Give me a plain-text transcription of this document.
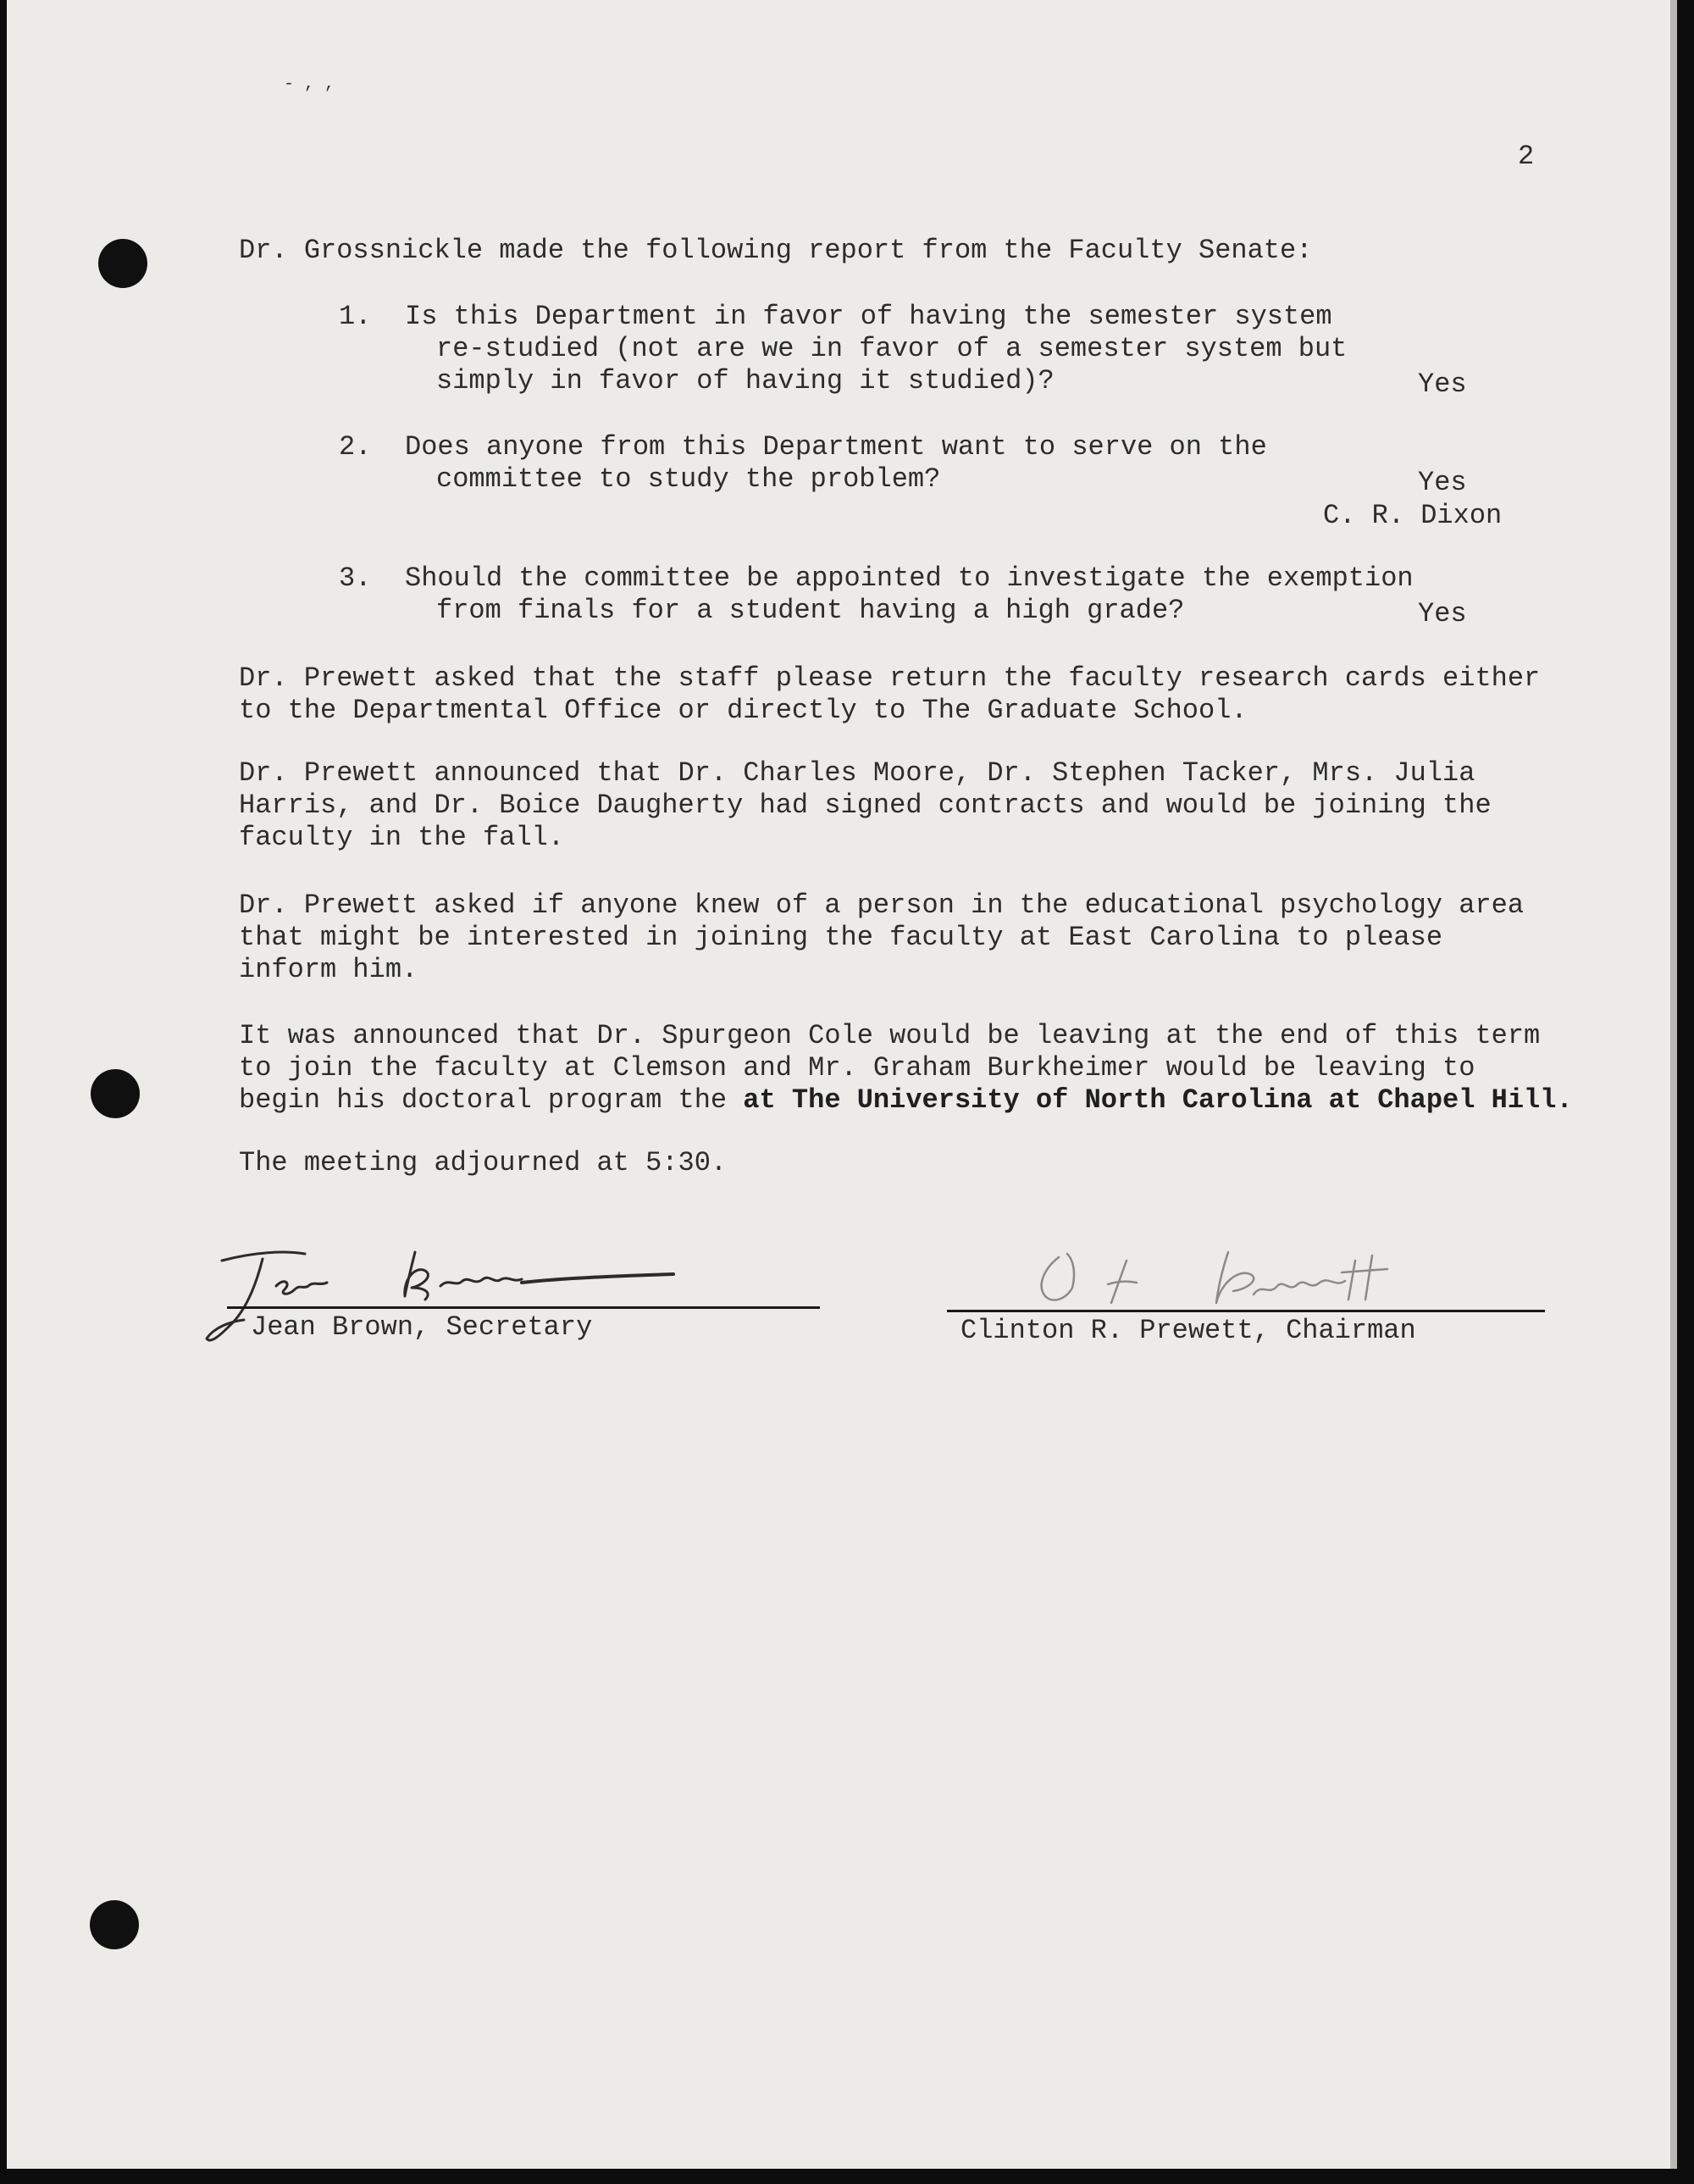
- , ,
2
Dr. Grossnickle made the following report from the Faculty Senate:
1. Is this Department in favor of having the semester system
re-studied (not are we in favor of a semester system but
simply in favor of having it studied)?	Yes
2. Does anyone from this Department want to serve on the
committee to study the problem?	Yes
C. R. Dixon
3. Should the committee be appointed to investigate the exemption
from finals for a student having a high grade?	Yes
Dr. Prewett asked that the staff please return the faculty research cards either
to the Departmental Office or directly to The Graduate School.
Dr. Prewett announced that Dr. Charles Moore, Dr. Stephen Tacker, Mrs. Julia
Harris, and Dr. Boice Daugherty had signed contracts and would be joining the
faculty in the fall.
Dr. Prewett asked if anyone knew of a person in the educational psychology area
that might be interested in joining the faculty at East Carolina to please
inform him.
It was announced that Dr. Spurgeon Cole would be leaving at the end of this term
to join the faculty at Clemson and Mr. Graham Burkheimer would be leaving to
begin his doctoral program the at The University of North Carolina at Chapel Hill.
The meeting adjourned at 5:30.
Jean Brown, Secretary	Clinton R. Prewett, Chairman
